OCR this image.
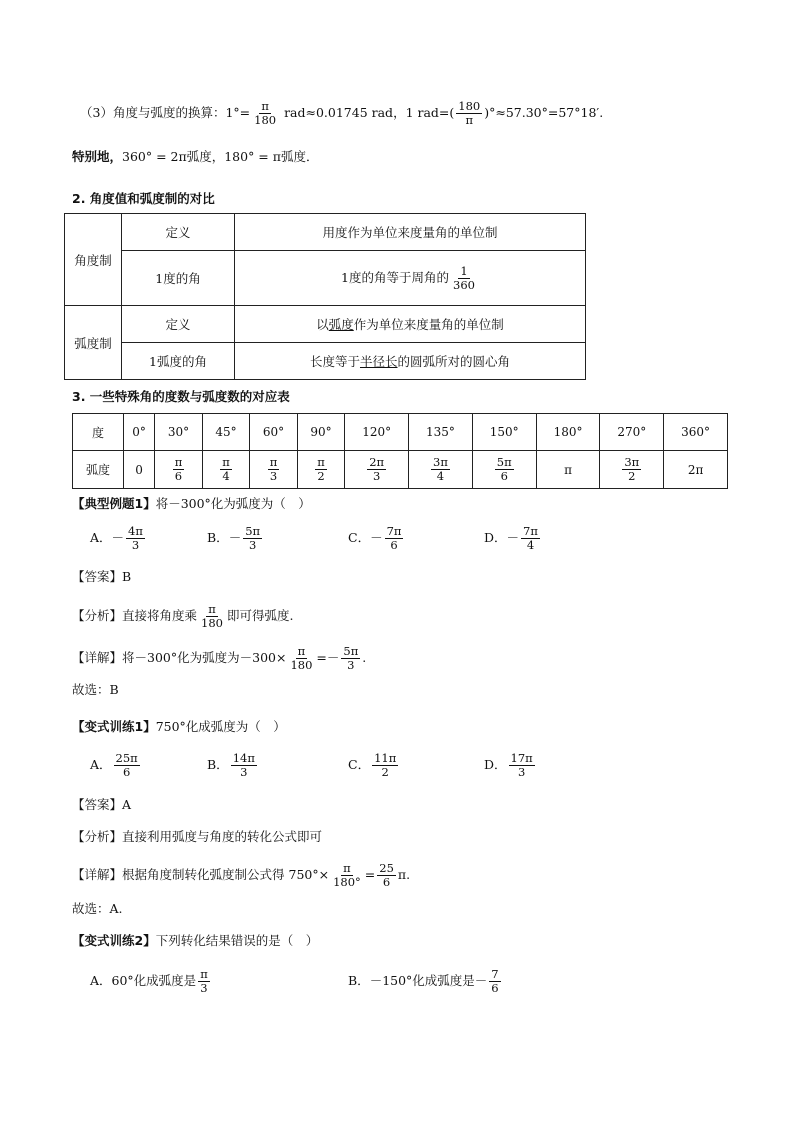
（3）角度与弧度的换算：$1^\circ= \frac{\pi}{180} rad\approx 0.01745$ rad，1 $rad=( \frac{180}{\pi} )^\circ\approx 57.30^\circ=57^\circ 18'$.
特别地，360° = 2π弧度，180° = π弧度．
2. 角度值和弧度制的对比
角度制	定义	用度作为单位来度量角的单位制
	1度的角	1度的角等于周角的 $\frac{1}{360}$

弧度制	定义	以弧度作为单位来度量角的单位制
	1弧度的角	长度等于半径长的圆弧所对的圆心角
3. 一些特殊角的度数与弧度数的对应表
度	0°	30°	45°	60°	90°	120°	135°	150°	180°	270°	360°
弧度	0	$\frac{\pi}{6}$	$\frac{\pi}{4}$	$\frac{\pi}{3}$	$\frac{\pi}{2}$	$\frac{2\pi}{3}$	$\frac{3\pi}{4}$	$\frac{5\pi}{6}$	π	$\frac{3\pi}{2}$	2π
【典型例题1】将－300°化为弧度为（　）
A．－ $\frac{4\pi}{3}$	B．－ $\frac{5\pi}{3}$	C．－ $\frac{7\pi}{6}$	D．－ $\frac{7\pi}{4}$
【答案】B
【分析】直接将角度乘 $\frac{\pi}{180}$ 即可得弧度.
【详解】将－300°化为弧度为$-300\times \frac{\pi}{180} =- \frac{5\pi}{3}$ .
故选：B
【变式训练1】750°化成弧度为（　）
A． $\frac{25\pi}{6}$	B． $\frac{14\pi}{3}$	C． $\frac{11\pi}{2}$	D． $\frac{17\pi}{3}$
【答案】A
【分析】直接利用弧度与角度的转化公式即可
【详解】根据角度制转化弧度制公式得 $750^\circ\times \frac{\pi}{180^\circ} = \frac{25}{6} \pi$.
故选：A.
【变式训练2】下列转化结果错误的是（　）
A．60°化成弧度是 $\frac{\pi}{3}$	B．－150°化成弧度是－ $\frac{7}{6}$
